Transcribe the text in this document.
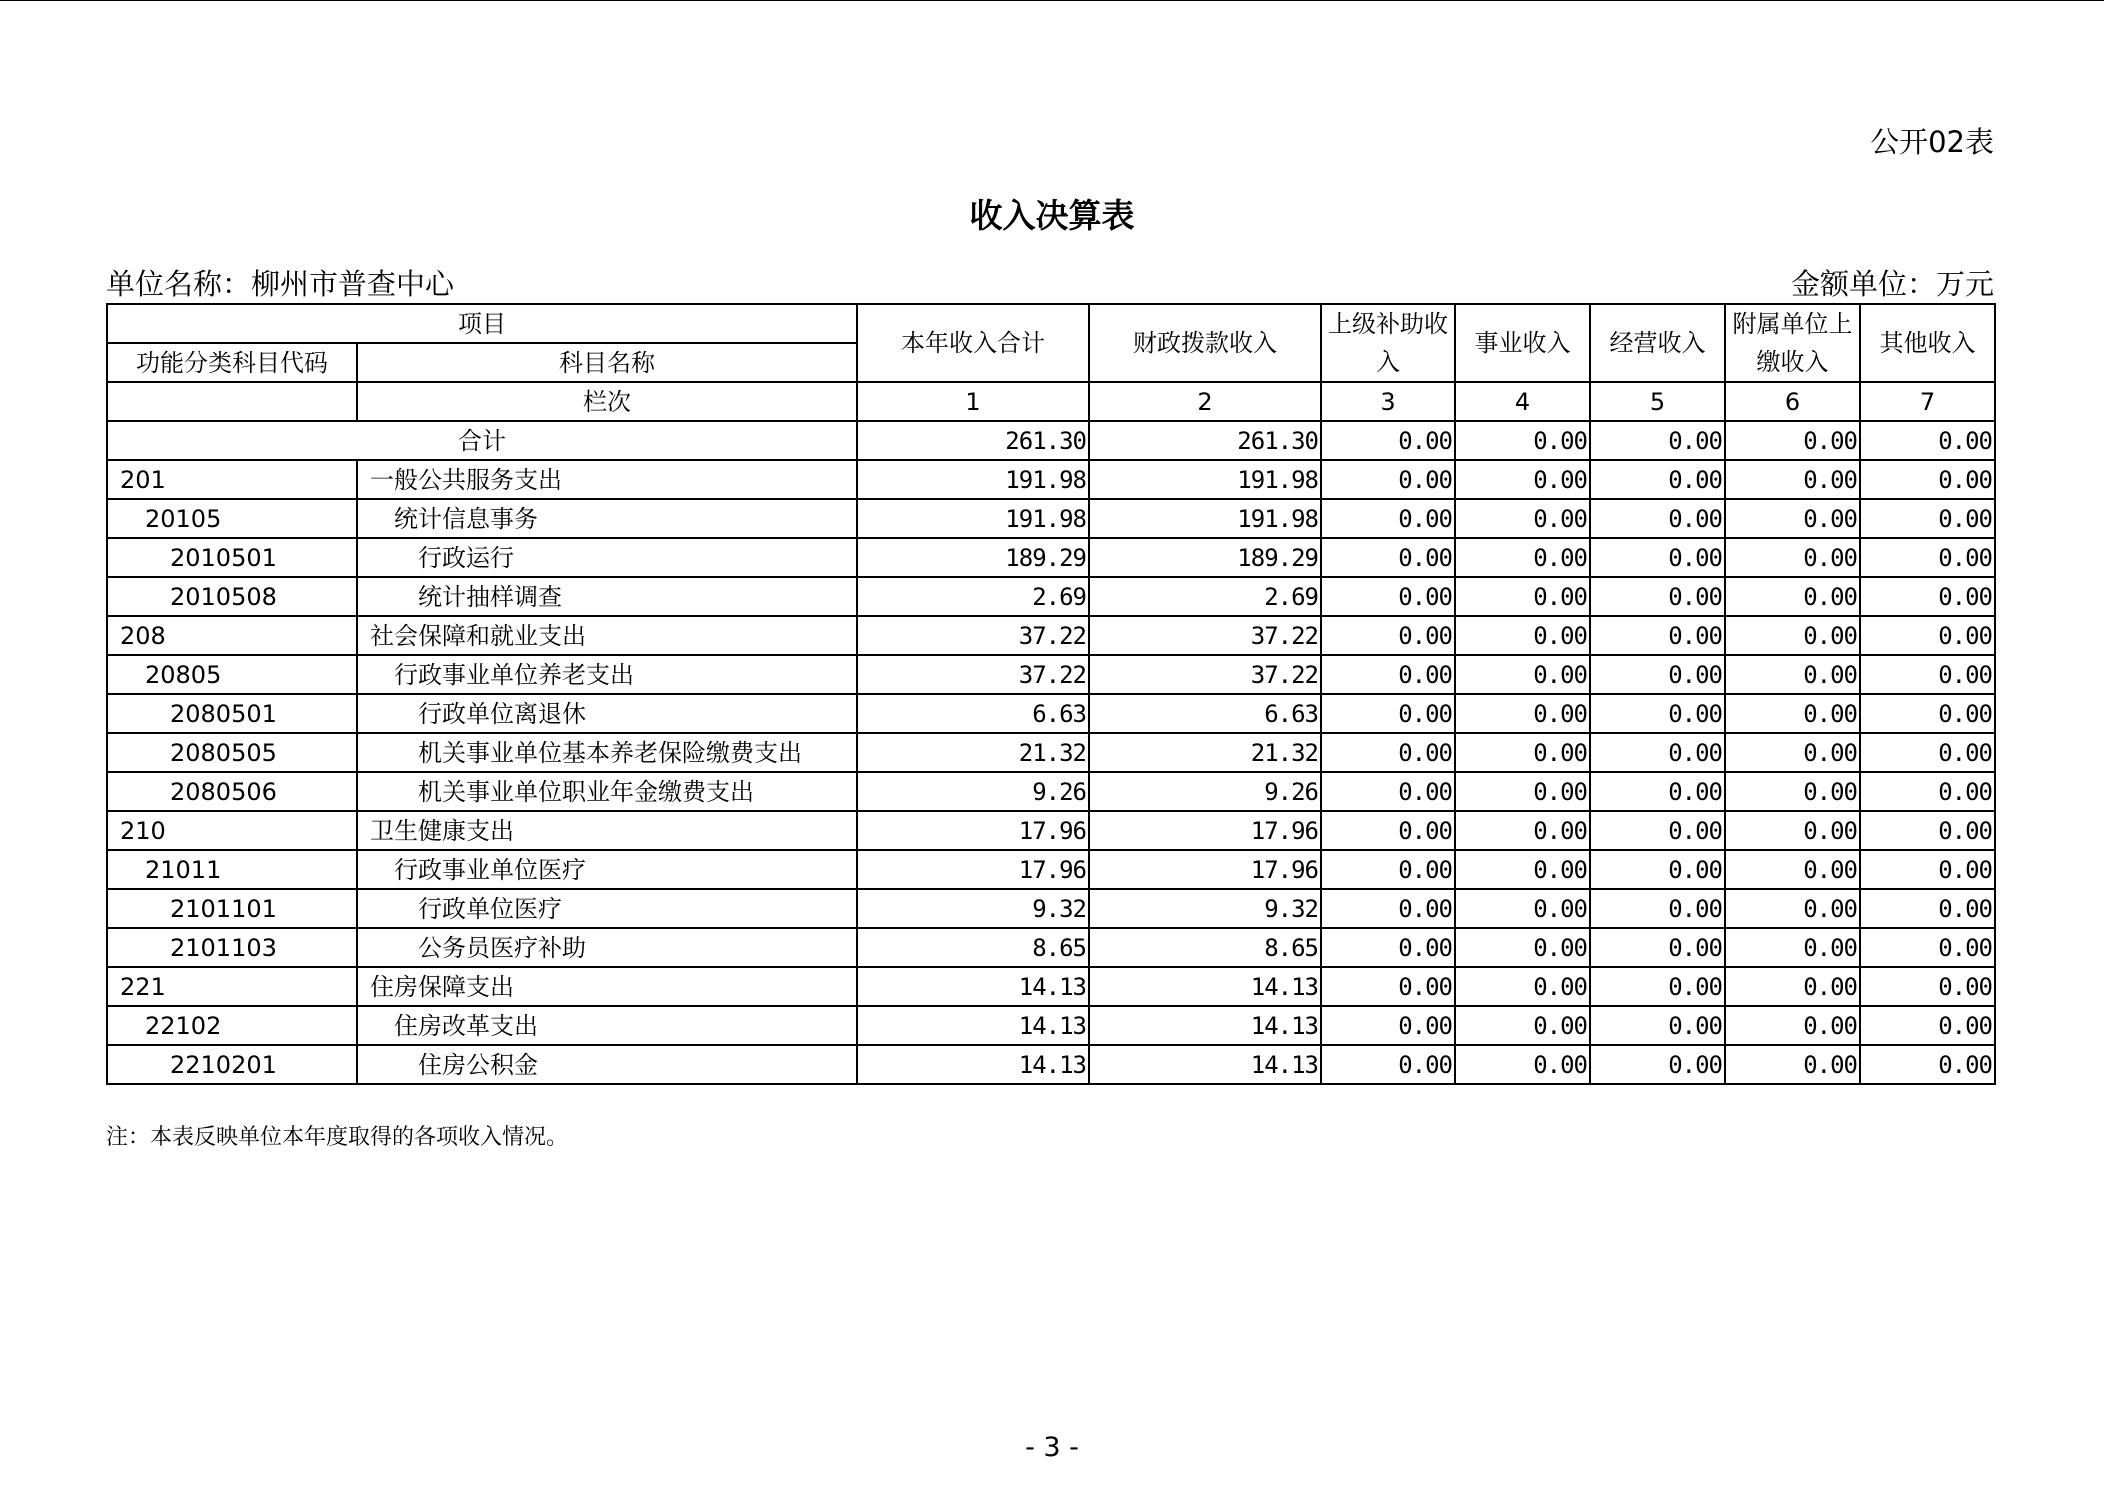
公开02表
收入决算表
单位名称：柳州市普查中心	金额单位：万元
项目		本年收入合计	财政拨款收入	上级补助收入	事业收入	经营收入	附属单位上缴收入	其他收入
功能分类科目代码	科目名称							
	栏次	1	2	3	4	5	6	7
合计		261.30	261.30	0.00	0.00	0.00	0.00	0.00
201	一般公共服务支出	191.98	191.98	0.00	0.00	0.00	0.00	0.00
20105	统计信息事务	191.98	191.98	0.00	0.00	0.00	0.00	0.00
2010501	行政运行	189.29	189.29	0.00	0.00	0.00	0.00	0.00
2010508	统计抽样调查	2.69	2.69	0.00	0.00	0.00	0.00	0.00
208	社会保障和就业支出	37.22	37.22	0.00	0.00	0.00	0.00	0.00
20805	行政事业单位养老支出	37.22	37.22	0.00	0.00	0.00	0.00	0.00
2080501	行政单位离退休	6.63	6.63	0.00	0.00	0.00	0.00	0.00
2080505	机关事业单位基本养老保险缴费支出	21.32	21.32	0.00	0.00	0.00	0.00	0.00
2080506	机关事业单位职业年金缴费支出	9.26	9.26	0.00	0.00	0.00	0.00	0.00
210	卫生健康支出	17.96	17.96	0.00	0.00	0.00	0.00	0.00
21011	行政事业单位医疗	17.96	17.96	0.00	0.00	0.00	0.00	0.00
2101101	行政单位医疗	9.32	9.32	0.00	0.00	0.00	0.00	0.00
2101103	公务员医疗补助	8.65	8.65	0.00	0.00	0.00	0.00	0.00
221	住房保障支出	14.13	14.13	0.00	0.00	0.00	0.00	0.00
22102	住房改革支出	14.13	14.13	0.00	0.00	0.00	0.00	0.00
2210201	住房公积金	14.13	14.13	0.00	0.00	0.00	0.00	0.00
注：本表反映单位本年度取得的各项收入情况。
- 3 -
